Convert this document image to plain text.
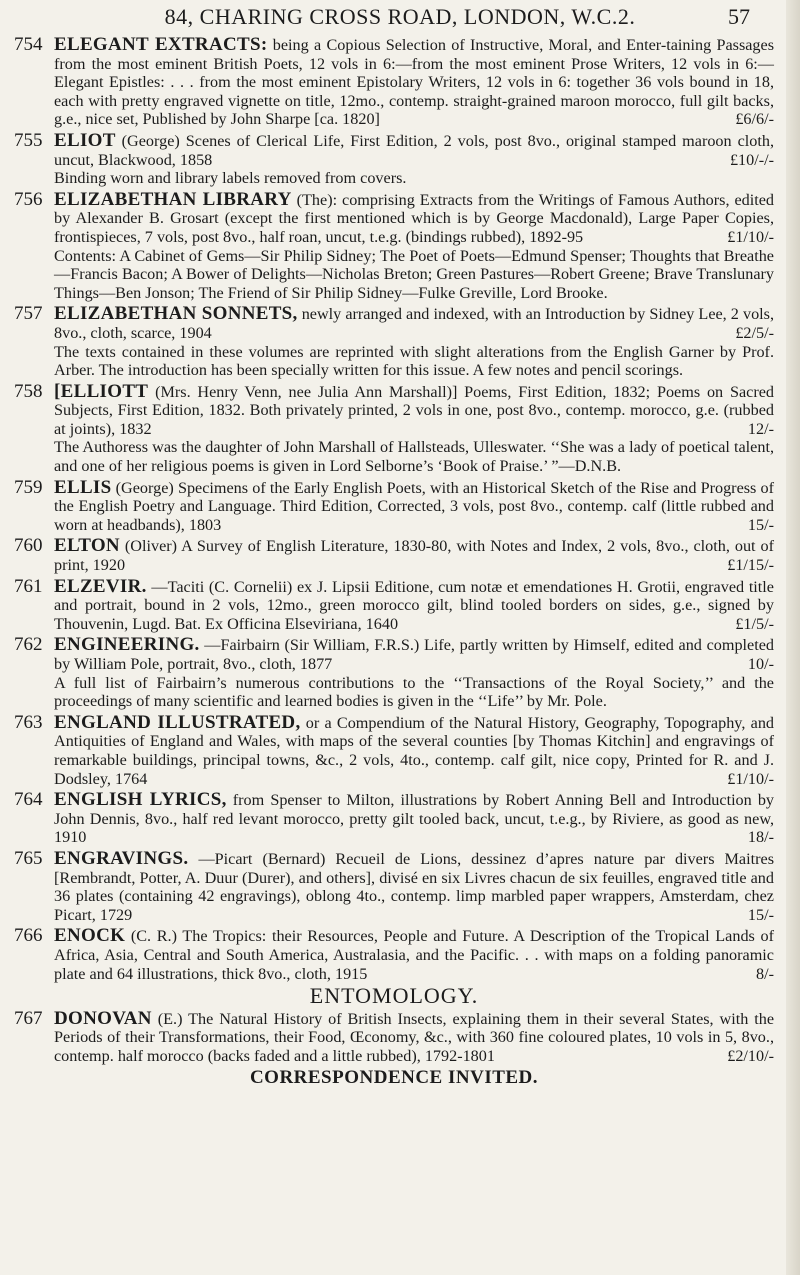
84, CHARING CROSS ROAD, LONDON, W.C.2.	57
754 ELEGANT EXTRACTS: being a Copious Selection of Instructive, Moral, and Enter-taining Passages from the most eminent British Poets, 12 vols in 6:—from the most eminent Prose Writers, 12 vols in 6:—Elegant Epistles: . . . from the most eminent Epistolary Writers, 12 vols in 6: together 36 vols bound in 18, each with pretty engraved vignette on title, 12mo., contemp. straight-grained maroon morocco, full gilt backs, g.e., nice set, Published by John Sharpe [ca. 1820]	£6/6/-
755 ELIOT (George) Scenes of Clerical Life, First Edition, 2 vols, post 8vo., original stamped maroon cloth, uncut, Blackwood, 1858	£10/-/-
Binding worn and library labels removed from covers.
756 ELIZABETHAN LIBRARY (The): comprising Extracts from the Writings of Famous Authors, edited by Alexander B. Grosart (except the first mentioned which is by George Macdonald), Large Paper Copies, frontispieces, 7 vols, post 8vo., half roan, uncut, t.e.g. (bindings rubbed), 1892-95	£1/10/-
Contents: A Cabinet of Gems—Sir Philip Sidney; The Poet of Poets—Edmund Spenser; Thoughts that Breathe—Francis Bacon; A Bower of Delights—Nicholas Breton; Green Pastures—Robert Greene; Brave Translunary Things—Ben Jonson; The Friend of Sir Philip Sidney—Fulke Greville, Lord Brooke.
757 ELIZABETHAN SONNETS, newly arranged and indexed, with an Introduction by Sidney Lee, 2 vols, 8vo., cloth, scarce, 1904	£2/5/-
The texts contained in these volumes are reprinted with slight alterations from the English Garner by Prof. Arber. The introduction has been specially written for this issue. A few notes and pencil scorings.
758 [ELLIOTT (Mrs. Henry Venn, nee Julia Ann Marshall)] Poems, First Edition, 1832; Poems on Sacred Subjects, First Edition, 1832. Both privately printed, 2 vols in one, post 8vo., contemp. morocco, g.e. (rubbed at joints), 1832	12/-
The Authoress was the daughter of John Marshall of Hallsteads, Ulleswater. ‘‘She was a lady of poetical talent, and one of her religious poems is given in Lord Selborne’s ‘Book of Praise.’ ”—D.N.B.
759 ELLIS (George) Specimens of the Early English Poets, with an Historical Sketch of the Rise and Progress of the English Poetry and Language. Third Edition, Corrected, 3 vols, post 8vo., contemp. calf (little rubbed and worn at headbands), 1803	15/-
760 ELTON (Oliver) A Survey of English Literature, 1830-80, with Notes and Index, 2 vols, 8vo., cloth, out of print, 1920	£1/15/-
761 ELZEVIR. —Taciti (C. Cornelii) ex J. Lipsii Editione, cum notæ et emendationes H. Grotii, engraved title and portrait, bound in 2 vols, 12mo., green morocco gilt, blind tooled borders on sides, g.e., signed by Thouvenin, Lugd. Bat. Ex Officina Elseviriana, 1640	£1/5/-
762 ENGINEERING. —Fairbairn (Sir William, F.R.S.) Life, partly written by Himself, edited and completed by William Pole, portrait, 8vo., cloth, 1877	10/-
A full list of Fairbairn’s numerous contributions to the ‘‘Transactions of the Royal Society,’’ and the proceedings of many scientific and learned bodies is given in the ‘‘Life’’ by Mr. Pole.
763 ENGLAND ILLUSTRATED, or a Compendium of the Natural History, Geography, Topography, and Antiquities of England and Wales, with maps of the several counties [by Thomas Kitchin] and engravings of remarkable buildings, principal towns, &c., 2 vols, 4to., contemp. calf gilt, nice copy, Printed for R. and J. Dodsley, 1764	£1/10/-
764 ENGLISH LYRICS, from Spenser to Milton, illustrations by Robert Anning Bell and Introduction by John Dennis, 8vo., half red levant morocco, pretty gilt tooled back, uncut, t.e.g., by Riviere, as good as new, 1910	18/-
765 ENGRAVINGS. —Picart (Bernard) Recueil de Lions, dessinez d’apres nature par divers Maitres [Rembrandt, Potter, A. Duur (Durer), and others], divisé en six Livres chacun de six feuilles, engraved title and 36 plates (containing 42 engravings), oblong 4to., contemp. limp marbled paper wrappers, Amsterdam, chez Picart, 1729	15/-
766 ENOCK (C. R.) The Tropics: their Resources, People and Future. A Description of the Tropical Lands of Africa, Asia, Central and South America, Australasia, and the Pacific. . . with maps on a folding panoramic plate and 64 illustrations, thick 8vo., cloth, 1915	8/-
ENTOMOLOGY.
767 DONOVAN (E.) The Natural History of British Insects, explaining them in their several States, with the Periods of their Transformations, their Food, Œconomy, &c., with 360 fine coloured plates, 10 vols in 5, 8vo., contemp. half morocco (backs faded and a little rubbed), 1792-1801	£2/10/-
CORRESPONDENCE INVITED.
